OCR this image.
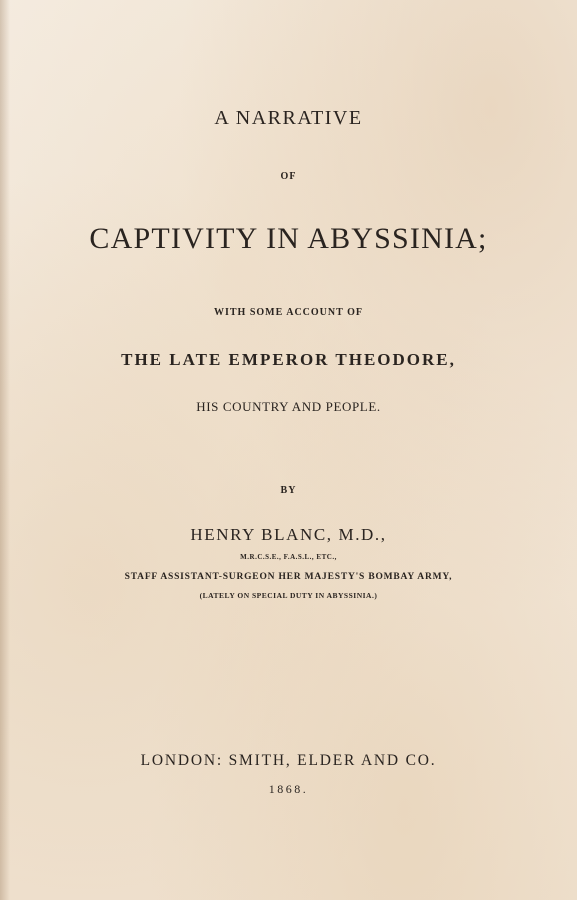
A NARRATIVE
OF
CAPTIVITY IN ABYSSINIA;
WITH SOME ACCOUNT OF
THE LATE EMPEROR THEODORE,
HIS COUNTRY AND PEOPLE.
BY
HENRY BLANC, M.D.,
M.R.C.S.E., F.A.S.L., ETC.,
STAFF ASSISTANT-SURGEON HER MAJESTY'S BOMBAY ARMY,
(LATELY ON SPECIAL DUTY IN ABYSSINIA.)
LONDON: SMITH, ELDER AND CO.
1868.
